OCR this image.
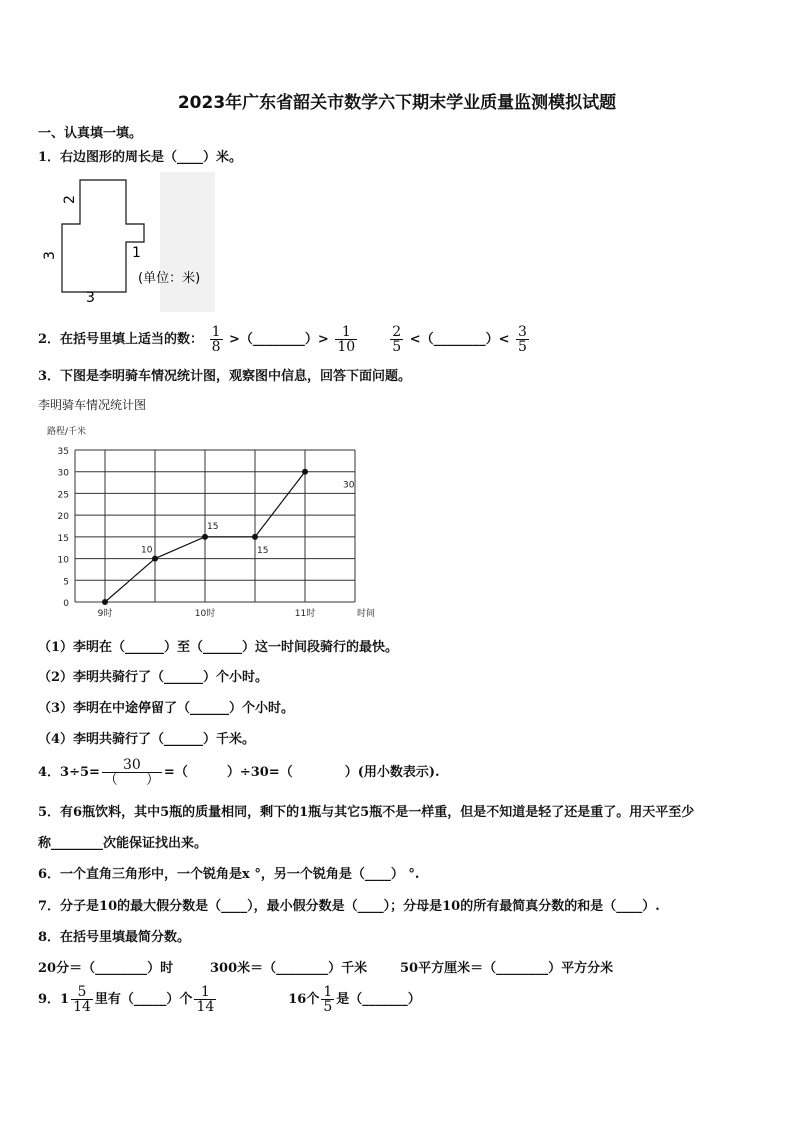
2023年广东省韶关市数学六下期末学业质量监测模拟试题
一、认真填一填。
1．右边图形的周长是（____）米。
2
3
3
1
(单位：米)
2．在括号里填上适当的数： $\frac{1}{8}$ >（________）> $\frac{1}{10}$
$\frac{2}{5}$ <（________）< $\frac{3}{5}$
3．下图是李明骑车情况统计图，观察图中信息，回答下面问题。
李明骑车情况统计图
0
5
10
15
20
25
30
35
路程/千米
时间
9时	10时	11时
10
15
15
30
（1）李明在（______）至（______）这一时间段骑行的最快。
（2）李明共骑行了（______）个小时。
（3）李明在中途停留了（______）个小时。
（4）李明共骑行了（______）千米。
4．$3\div 5= \frac{30}{( )}$ =（　　　）÷30=（　　　　）(用小数表示).
5．有6瓶饮料，其中5瓶的质量相同，剩下的1瓶与其它5瓶不是一样重，但是不知道是轻了还是重了。用天平至少
称________次能保证找出来。
6．一个直角三角形中，一个锐角是x °，另一个锐角是（____） °.
7．分子是10的最大假分数是（____），最小假分数是（____）；分母是10的所有最简真分数的和是（____）.
8．在括号里填最简分数。
20分＝（________）时	300米＝（________）千米	50平方厘米＝（________）平方分米
9．$1 \frac{5}{14}$ 里有（_____）个 $\frac{1}{14}$	16个 $\frac{1}{5}$ 是（_______）
